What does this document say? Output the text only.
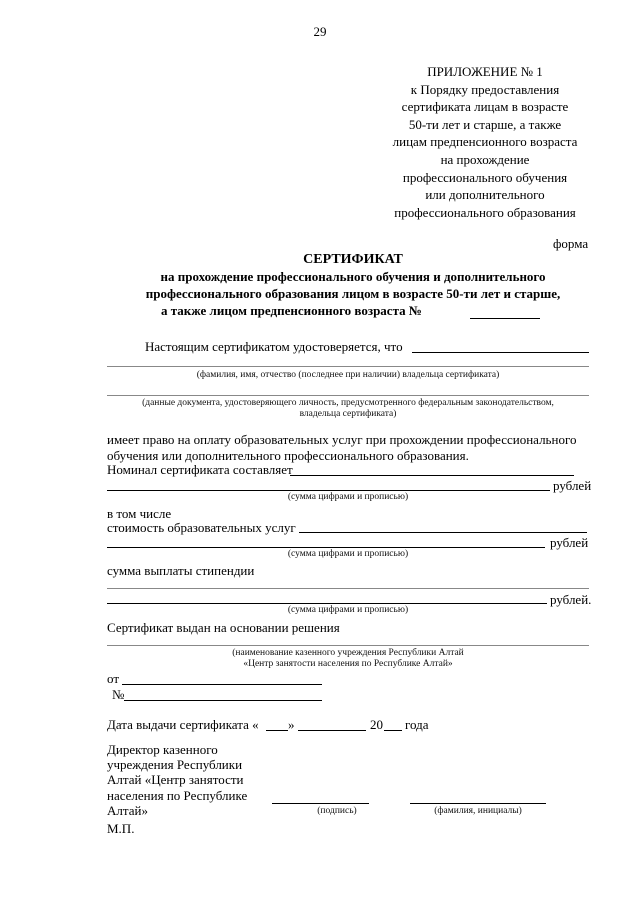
29
ПРИЛОЖЕНИЕ № 1
к Порядку предоставления
сертификата лицам в возрасте
50-ти лет и старше, а также
лицам предпенсионного возраста
на прохождение
профессионального обучения
или дополнительного
профессионального образования
форма
СЕРТИФИКАТ
на прохождение профессионального обучения и дополнительного
профессионального образования лицом в возрасте 50-ти лет и старше,
а также лицом предпенсионного возраста №
Настоящим сертификатом удостоверяется, что
(фамилия, имя, отчество (последнее при наличии) владельца сертификата)
(данные документа, удостоверяющего личность, предусмотренного федеральным законодательством,
владельца сертификата)
имеет право на оплату образовательных услуг при прохождении профессионального
обучения или дополнительного профессионального образования.
Номинал сертификата составляет
рублей
(сумма цифрами и прописью)
в том числе
стоимость образовательных услуг
рублей
(сумма цифрами и прописью)
сумма выплаты стипендии
рублей.
(сумма цифрами и прописью)
Сертификат выдан на основании решения
(наименование казенного учреждения Республики Алтай
«Центр занятости населения по Республике Алтай»
от
№
Дата выдачи сертификата « »	20 года
Директор казенного
учреждения Республики
Алтай «Центр занятости
населения по Республике
Алтай»	(подпись)	(фамилия, инициалы)
М.П.
